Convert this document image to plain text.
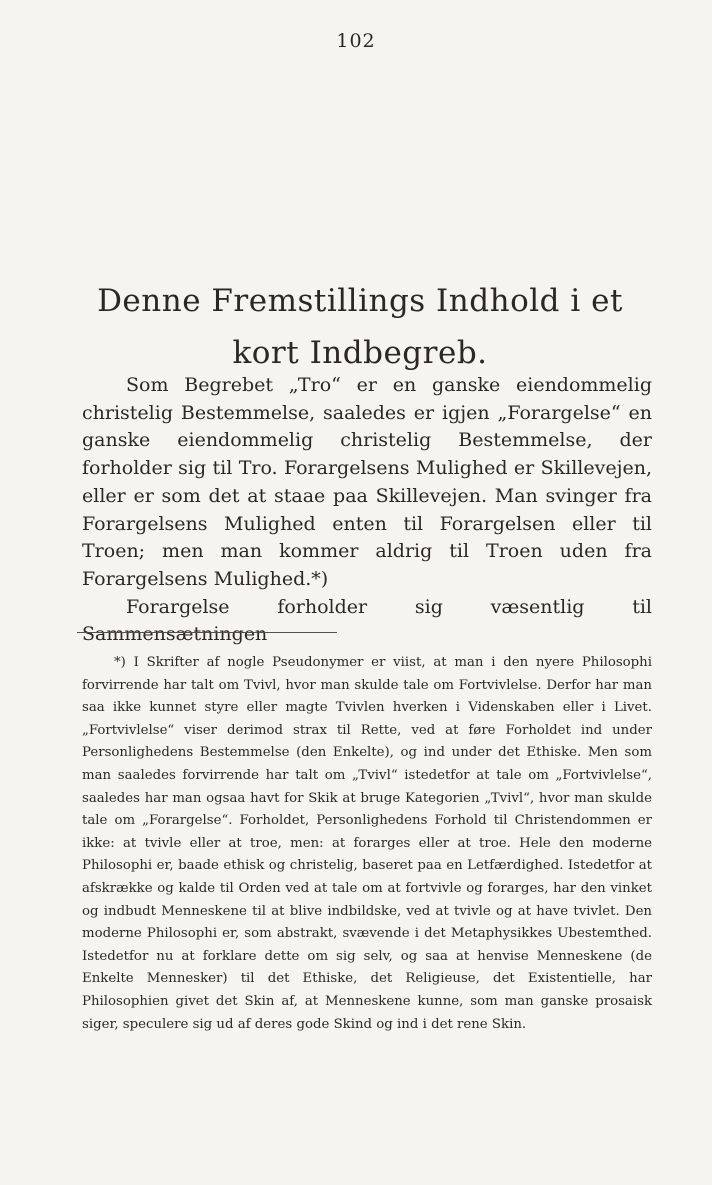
102
Denne Fremstillings Indhold i et kort Indbegreb.

Som Begrebet „Tro“ er en ganske eiendommelig christelig Bestemmelse, saaledes er igjen „Forargelse“ en ganske eiendommelig christelig Bestemmelse, der forholder sig til Tro. Forargelsens Mulighed er Skillevejen, eller er som det at staae paa Skillevejen. Man svinger fra Forargelsens Mulighed enten til Forargelsen eller til Troen; men man kommer aldrig til Troen uden fra Forargelsens Mulighed.*)

Forargelse forholder sig væsentlig til Sammensætningen

*) I Skrifter af nogle Pseudonymer er viist, at man i den nyere Philosophi forvirrende har talt om Tvivl, hvor man skulde tale om Fortvivlelse. Derfor har man saa ikke kunnet styre eller magte Tvivlen hverken i Videnskaben eller i Livet. „Fortvivlelse“ viser derimod strax til Rette, ved at føre Forholdet ind under Personlighedens Bestemmelse (den Enkelte), og ind under det Ethiske. Men som man saaledes forvirrende har talt om „Tvivl“ istedetfor at tale om „Fortvivlelse“, saaledes har man ogsaa havt for Skik at bruge Kategorien „Tvivl“, hvor man skulde tale om „Forargelse“. Forholdet, Personlighedens Forhold til Christendommen er ikke: at tvivle eller at troe, men: at forarges eller at troe. Hele den moderne Philosophi er, baade ethisk og christelig, baseret paa en Letfærdighed. Istedetfor at afskrække og kalde til Orden ved at tale om at fortvivle og forarges, har den vinket og indbudt Menneskene til at blive indbildske, ved at tvivle og at have tvivlet. Den moderne Philosophi er, som abstrakt, svævende i det Metaphysikkes Ubestemthed. Istedetfor nu at forklare dette om sig selv, og saa at henvise Menneskene (de Enkelte Mennesker) til det Ethiske, det Religieuse, det Existentielle, har Philosophien givet det Skin af, at Menneskene kunne, som man ganske prosaisk siger, speculere sig ud af deres gode Skind og ind i det rene Skin.
